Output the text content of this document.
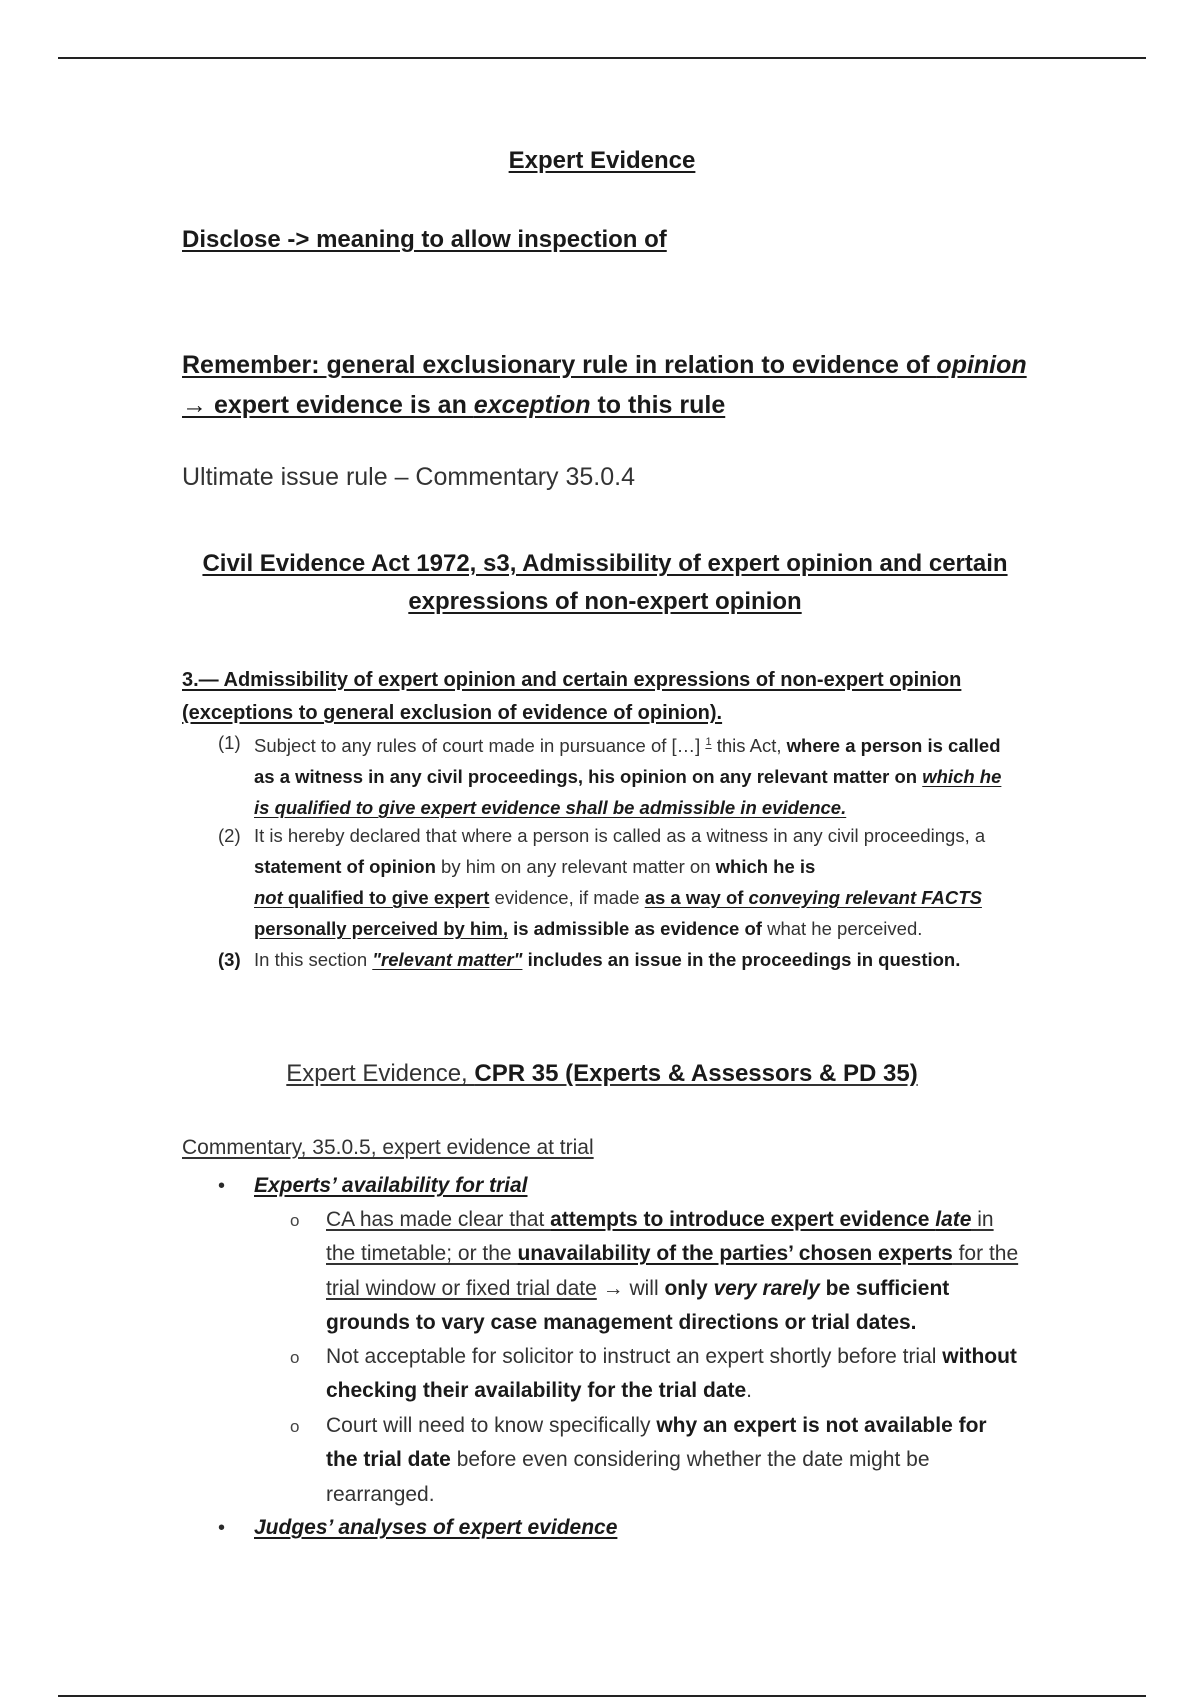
Expert Evidence
Disclose -> meaning to allow inspection of
Remember: general exclusionary rule in relation to evidence of opinion
→ expert evidence is an exception to this rule
Ultimate issue rule – Commentary 35.0.4
Civil Evidence Act 1972, s3, Admissibility of expert opinion and certain expressions of non-expert opinion
3.— Admissibility of expert opinion and certain expressions of non-expert opinion (exceptions to general exclusion of evidence of opinion).
(1) Subject to any rules of court made in pursuance of […] $^1$ this Act, where a person is called as a witness in any civil proceedings, his opinion on any relevant matter on which he is qualified to give expert evidence shall be admissible in evidence.
(2) It is hereby declared that where a person is called as a witness in any civil proceedings, a statement of opinion by him on any relevant matter on which he is
not qualified to give expert evidence, if made as a way of conveying relevant FACTS
personally perceived by him, is admissible as evidence of what he perceived.
(3) In this section "relevant matter" includes an issue in the proceedings in question.
Expert Evidence, CPR 35 (Experts & Assessors & PD 35)
Commentary, 35.0.5, expert evidence at trial
• Experts’ availability for trial
o CA has made clear that attempts to introduce expert evidence late in the timetable; or the unavailability of the parties’ chosen experts for the trial window or fixed trial date → will only very rarely be sufficient grounds to vary case management directions or trial dates.
o Not acceptable for solicitor to instruct an expert shortly before trial without checking their availability for the trial date.
o Court will need to know specifically why an expert is not available for the trial date before even considering whether the date might be rearranged.
• Judges’ analyses of expert evidence
